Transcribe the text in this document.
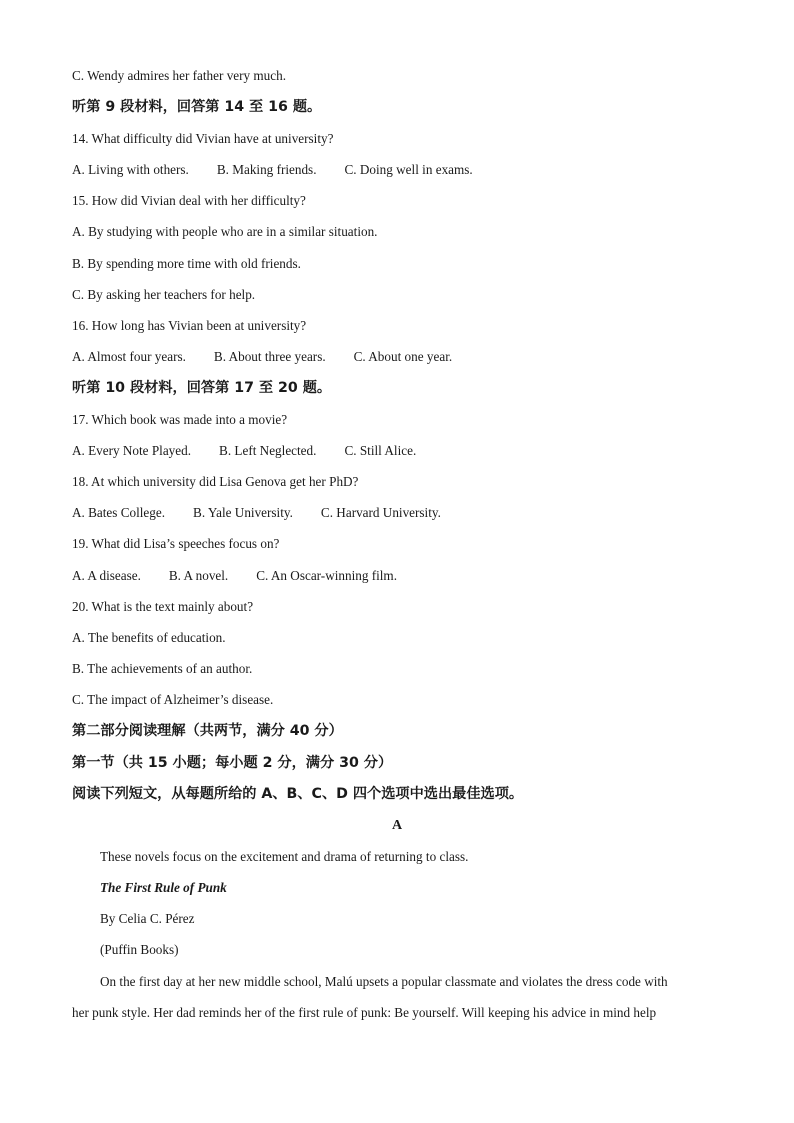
C. Wendy admires her father very much.
听第 9 段材料，回答第 14 至 16 题。
14. What difficulty did Vivian have at university?
A. Living with others. B. Making friends. C. Doing well in exams.
15. How did Vivian deal with her difficulty?
A. By studying with people who are in a similar situation.
B. By spending more time with old friends.
C. By asking her teachers for help.
16. How long has Vivian been at university?
A. Almost four years. B. About three years. C. About one year.
听第 10 段材料，回答第 17 至 20 题。
17. Which book was made into a movie?
A. Every Note Played. B. Left Neglected. C. Still Alice.
18. At which university did Lisa Genova get her PhD?
A. Bates College. B. Yale University. C. Harvard University.
19. What did Lisa’s speeches focus on?
A. A disease. B. A novel. C. An Oscar-winning film.
20. What is the text mainly about?
A. The benefits of education.
B. The achievements of an author.
C. The impact of Alzheimer’s disease.
第二部分阅读理解（共两节，满分 40 分）
第一节（共 15 小题；每小题 2 分，满分 30 分）
阅读下列短文，从每题所给的 A、B、C、D 四个选项中选出最佳选项。
A
These novels focus on the excitement and drama of returning to class.
The First Rule of Punk
By Celia C. Pérez
(Puffin Books)
On the first day at her new middle school, Malú upsets a popular classmate and violates the dress code with
her punk style. Her dad reminds her of the first rule of punk: Be yourself. Will keeping his advice in mind help
